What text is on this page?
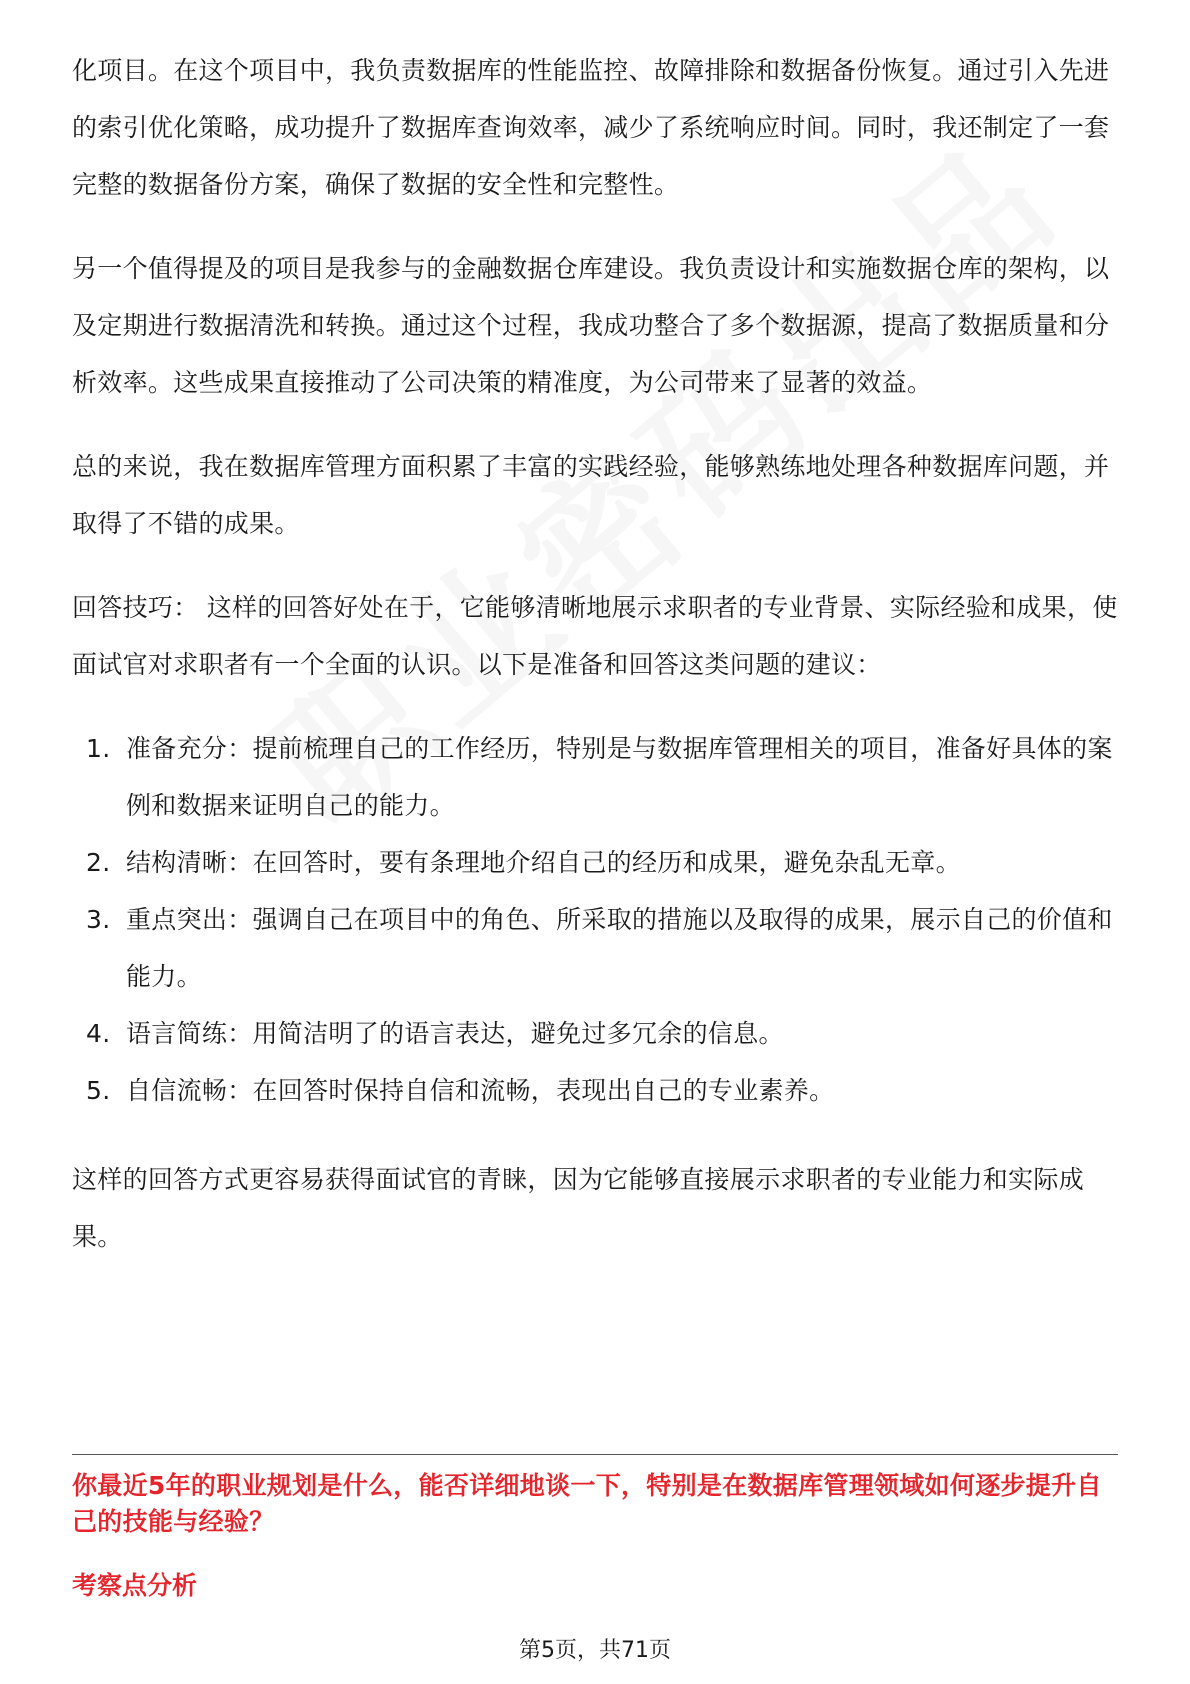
化项目。在这个项目中，我负责数据库的性能监控、故障排除和数据备份恢复。通过引入先进的索引优化策略，成功提升了数据库查询效率，减少了系统响应时间。同时，我还制定了一套完整的数据备份方案，确保了数据的安全性和完整性。

另一个值得提及的项目是我参与的金融数据仓库建设。我负责设计和实施数据仓库的架构，以及定期进行数据清洗和转换。通过这个过程，我成功整合了多个数据源，提高了数据质量和分析效率。这些成果直接推动了公司决策的精准度，为公司带来了显著的效益。

总的来说，我在数据库管理方面积累了丰富的实践经验，能够熟练地处理各种数据库问题，并取得了不错的成果。

回答技巧： 这样的回答好处在于，它能够清晰地展示求职者的专业背景、实际经验和成果，使面试官对求职者有一个全面的认识。以下是准备和回答这类问题的建议：

1. 准备充分：提前梳理自己的工作经历，特别是与数据库管理相关的项目，准备好具体的案例和数据来证明自己的能力。
2. 结构清晰：在回答时，要有条理地介绍自己的经历和成果，避免杂乱无章。
3. 重点突出：强调自己在项目中的角色、所采取的措施以及取得的成果，展示自己的价值和能力。
4. 语言简练：用简洁明了的语言表达，避免过多冗余的信息。
5. 自信流畅：在回答时保持自信和流畅，表现出自己的专业素养。

这样的回答方式更容易获得面试官的青睐，因为它能够直接展示求职者的专业能力和实际成果。

你最近5年的职业规划是什么，能否详细地谈一下，特别是在数据库管理领域如何逐步提升自己的技能与经验？
考察点分析
第5页，共71页
